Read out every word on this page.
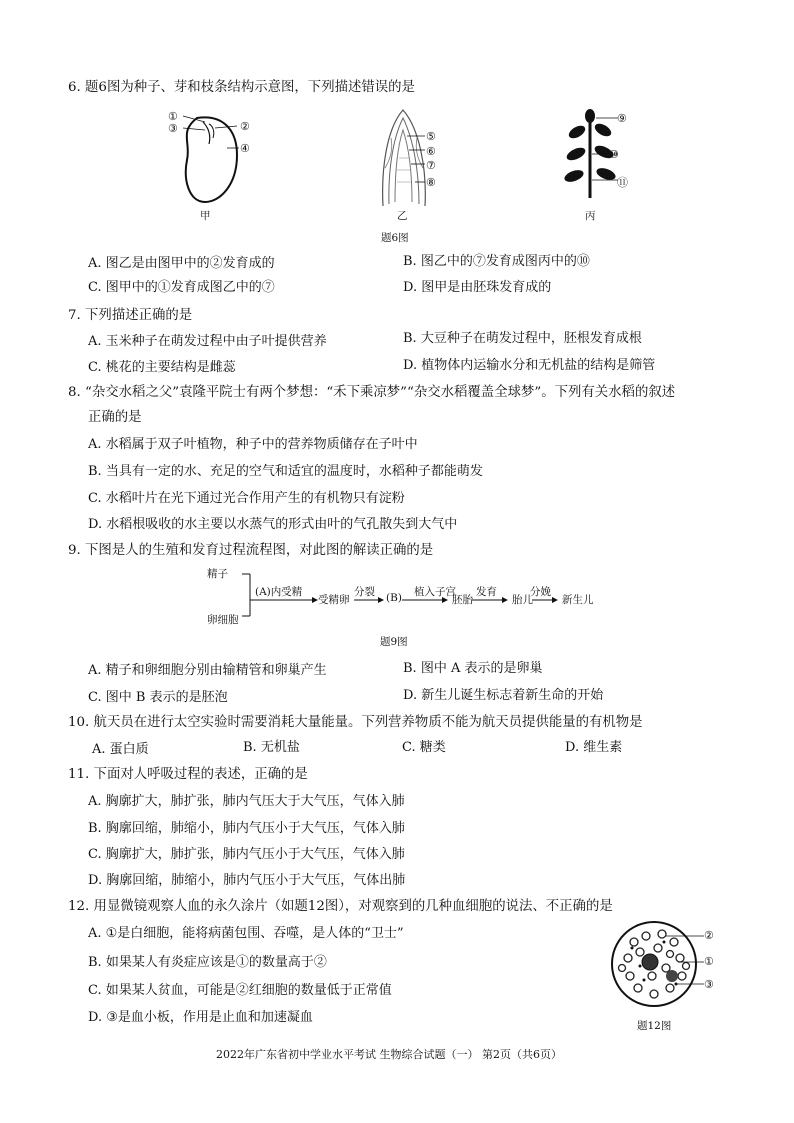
6. 题6图为种子、芽和枝条结构示意图，下列描述错误的是
①
③	②
④
甲
⑤
⑥
⑦
⑧
乙
⑨
⑩
⑪
丙
题6图
A. 图乙是由图甲中的②发育成的	B. 图乙中的⑦发育成图丙中的⑩
C. 图甲中的①发育成图乙中的⑦	D. 图甲是由胚珠发育成的
7. 下列描述正确的是
A. 玉米种子在萌发过程中由子叶提供营养	B. 大豆种子在萌发过程中，胚根发育成根
C. 桃花的主要结构是雌蕊	D. 植物体内运输水分和无机盐的结构是筛管
8. “杂交水稻之父”袁隆平院士有两个梦想：“禾下乘凉梦”“杂交水稻覆盖全球梦”。下列有关水稻的叙述
正确的是
A. 水稻属于双子叶植物，种子中的营养物质储存在子叶中
B. 当具有一定的水、充足的空气和适宜的温度时，水稻种子都能萌发
C. 水稻叶片在光下通过光合作用产生的有机物只有淀粉
D. 水稻根吸收的水主要以水蒸气的形式由叶的气孔散失到大气中
9. 下图是人的生殖和发育过程流程图，对此图的解读正确的是
精子
卵细胞
(A)内受精
受精卵
分裂 (B) 植入子宫
胚胎
发育
胎儿
分娩
新生儿
题9图
A. 精子和卵细胞分别由输精管和卵巢产生	B. 图中 A 表示的是卵巢
C. 图中 B 表示的是胚泡	D. 新生儿诞生标志着新生命的开始
10. 航天员在进行太空实验时需要消耗大量能量。下列营养物质不能为航天员提供能量的有机物是
A. 蛋白质	B. 无机盐	C. 糖类	D. 维生素
11. 下面对人呼吸过程的表述，正确的是
A. 胸廓扩大，肺扩张，肺内气压大于大气压，气体入肺
B. 胸廓回缩，肺缩小，肺内气压小于大气压，气体入肺
C. 胸廓扩大，肺扩张，肺内气压小于大气压，气体入肺
D. 胸廓回缩，肺缩小，肺内气压小于大气压，气体出肺
12. 用显微镜观察人血的永久涂片（如题12图），对观察到的几种血细胞的说法、不正确的是
A. ①是白细胞，能将病菌包围、吞噬，是人体的“卫士”
B. 如果某人有炎症应该是①的数量高于②
C. 如果某人贫血，可能是②红细胞的数量低于正常值
D. ③是血小板，作用是止血和加速凝血
②
①
③
题12图
2022年广东省初中学业水平考试 生物综合试题（一） 第2页（共6页）
